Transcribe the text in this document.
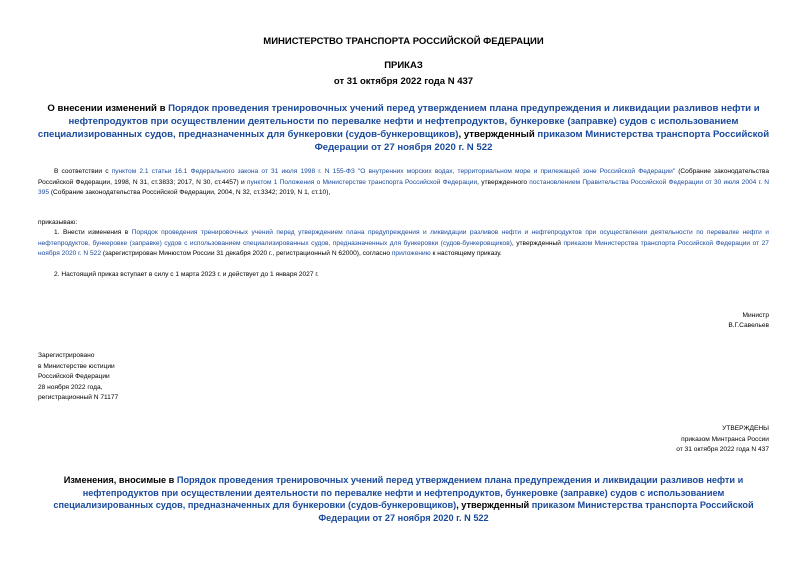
МИНИСТЕРСТВО ТРАНСПОРТА РОССИЙСКОЙ ФЕДЕРАЦИИ
ПРИКАЗ
от 31 октября 2022 года N 437
О внесении изменений в Порядок проведения тренировочных учений перед утверждением плана предупреждения и ликвидации разливов нефти и нефтепродуктов при осуществлении деятельности по перевалке нефти и нефтепродуктов, бункеровке (заправке) судов с использованием специализированных судов, предназначенных для бункеровки (судов-бункеровщиков), утвержденный приказом Министерства транспорта Российской Федерации от 27 ноября 2020 г. N 522
В соответствии с пунктом 2.1 статьи 16.1 Федерального закона от 31 июля 1998 г. N 155-ФЗ "О внутренних морских водах, территориальном море и прилежащей зоне Российской Федерации" (Собрание законодательства Российской Федерации, 1998, N 31, ст.3833; 2017, N 30, ст.4457) и пунктом 1 Положения о Министерстве транспорта Российской Федерации, утвержденного постановлением Правительства Российской Федерации от 30 июля 2004 г. N 395 (Собрание законодательства Российской Федерации, 2004, N 32, ст.3342; 2019, N 1, ст.10),
приказываю:
1. Внести изменения в Порядок проведения тренировочных учений перед утверждением плана предупреждения и ликвидации разливов нефти и нефтепродуктов при осуществлении деятельности по перевалке нефти и нефтепродуктов, бункеровке (заправке) судов с использованием специализированных судов, предназначенных для бункеровки (судов-бункеровщиков), утвержденный приказом Министерства транспорта Российской Федерации от 27 ноября 2020 г. N 522 (зарегистрирован Минюстом России 31 декабря 2020 г., регистрационный N 62000), согласно приложению к настоящему приказу.
2. Настоящий приказ вступает в силу с 1 марта 2023 г. и действует до 1 января 2027 г.
Министр
В.Г.Савельев
Зарегистрировано
в Министерстве юстиции
Российской Федерации
28 ноября 2022 года,
регистрационный N 71177
УТВЕРЖДЕНЫ
приказом Минтранса России
от 31 октября 2022 года N 437
Изменения, вносимые в Порядок проведения тренировочных учений перед утверждением плана предупреждения и ликвидации разливов нефти и нефтепродуктов при осуществлении деятельности по перевалке нефти и нефтепродуктов, бункеровке (заправке) судов с использованием специализированных судов, предназначенных для бункеровки (судов-бункеровщиков), утвержденный приказом Министерства транспорта Российской Федерации от 27 ноября 2020 г. N 522
